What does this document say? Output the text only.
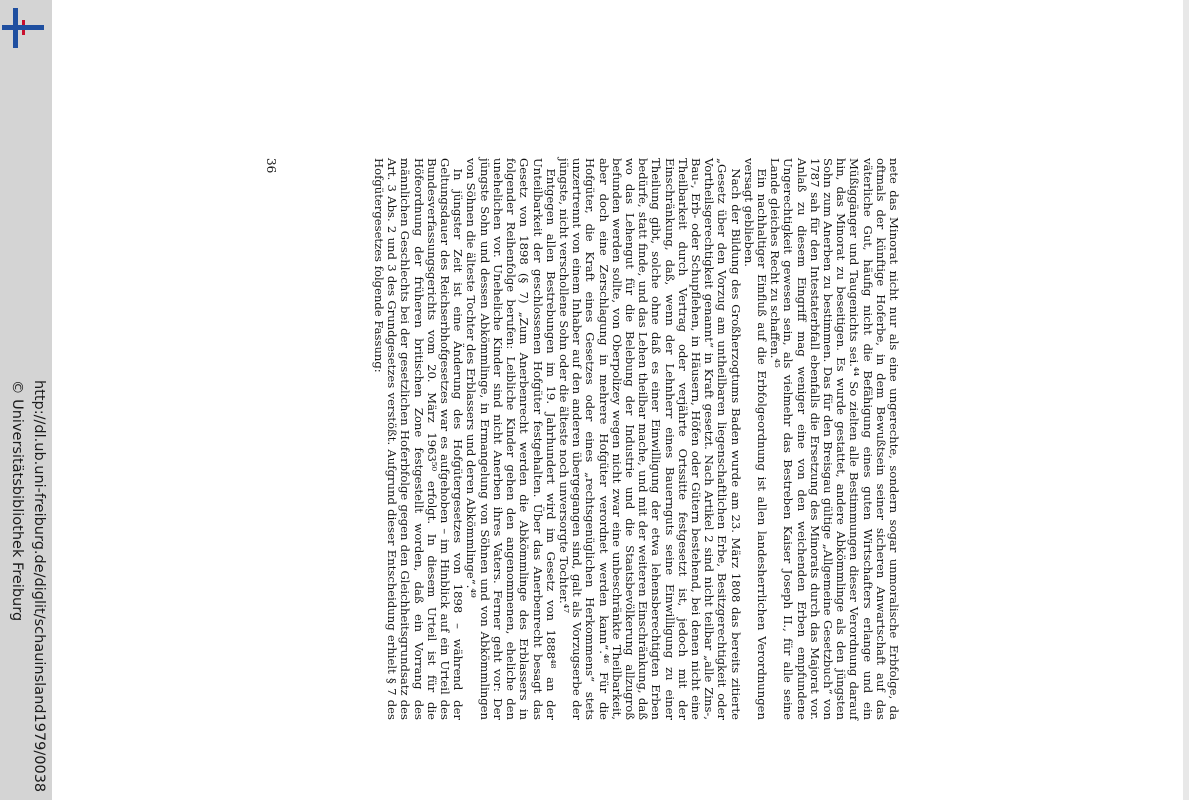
http://dl.ub.uni-freiburg.de/diglit/schauinsland1979/0038
© Universitätsbibliothek Freiburg	nete das Minorat nicht nur als eine ungerechte, sondern sogar unmoralische Erbfolge, da oftmals der künftige Hoferbe, in dem Bewußtsein seiner sicheren Anwartschaft auf das väterliche Gut, häufig nicht die Befähigung eines guten Wirtschafters erlange und ein Müßiggänger und Taugenichts sei.⁴⁴ So zielten alle Bestimmungen dieser Verordnung darauf hin, das Minorat zu beseitigen. Es wurde gestattet, andere Abkömmlinge als den jüngsten Sohn zum Anerben zu bestimmen. Das für den Breisgau gültige „Allgemeine Gesetzbuch“ von 1787 sah für den Intestaterbfall ebenfalls die Ersetzung des Minorats durch das Majorat vor. Anlaß zu diesem Eingriff mag weniger eine von den weichenden Erben empfundene Ungerechtigkeit gewesen sein, als vielmehr das Bestreben Kaiser Joseph II., für alle seine Lande gleiches Recht zu schaffen.⁴⁵

Ein nachhaltiger Einfluß auf die Erbfolgeordnung ist allen landesherrlichen Verordnungen versagt geblieben.

Nach der Bildung des Großherzogtums Baden wurde am 23. März 1808 das bereits zitierte „Gesetz über den Vorzug am untheilbaren liegenschaftlichen Erbe, Besitzgerechtigkeit oder Vortheilsgerechtigkeit genannt“ in Kraft gesetzt. Nach Artikel 2 sind nicht teilbar „alle Zins-, Bau-, Erb- oder Schupflehen, in Häusern, Höfen oder Gütern bestehend, bei denen nicht eine Theilbarkeit durch Vertrag oder verjährte Ortssitte festgesetzt ist, jedoch mit der Einschränkung, daß, wenn der Lehnherr eines Bauernguts seine Einwilligung zu einer Theilung gibt, solche ohne daß es einer Einwilligung der etwa lehensberechtigten Erben bedürfe, statt finde, und das Lehen theilbar mache, und mit der weiteren Einschränkung, daß wo das Lehengut für die Belebung der Industrie und die Staatsbevölkerung allzugroß befunden werden sollte, von Oberpolizey wegen nicht zwar eine unbeschränkte Theilbarkeit, aber doch eine Zerschlagung in mehrere Hofgüter verordnet werden kann“.⁴⁶ Für die Hofgüter, die Kraft eines Gesetzes oder eines „rechtsgenüglichen Herkommens“ stets unzertrennt von einem Inhaber auf den anderen übergegangen sind, galt als Vorzugserbe der jüngste, nicht verschollene Sohn oder die älteste noch unversorgte Tochter.⁴⁷

Entgegen allen Bestrebungen im 19. Jahrhundert wird im Gesetz von 1888⁴⁸ an der Unteilbarkeit der geschlossenen Hofgüter festgehalten. Über das Anerbenrecht besagt das Gesetz von 1898 (§ 7) „Zum Anerbenrecht werden die Abkömmlinge des Erblassers in folgender Reihenfolge berufen: Leibliche Kinder gehen den angenommenen, eheliche den unehelichen vor. Uneheliche Kinder sind nicht Anerben ihres Vaters. Ferner geht vor: Der jüngste Sohn und dessen Abkömmlinge, in Ermangelung von Söhnen und von Abkömmlingen von Söhnen die älteste Tochter des Erblassers und deren Abkömmlinge“.⁴⁹

In jüngster Zeit ist eine Änderung des Hofgütergesetzes von 1898 – während der Geltungsdauer des Reichserbhofgesetzes war es aufgehoben – im Hinblick auf ein Urteil des Bundesverfassungsgerichts vom 20. März 1963⁵⁰ erfolgt. In diesem Urteil ist für die Höfeordnung der früheren britischen Zone festgestellt worden, daß ein Vorrang des männlichen Geschlechts bei der gesetzlichen Hoferbfolge gegen den Gleichheitsgrundsatz des Art. 3 Abs. 2 und 3 des Grundgesetzes verstößt. Aufgrund dieser Entscheidung erhielt § 7 des Hofgütergesetzes folgende Fassung:

36
